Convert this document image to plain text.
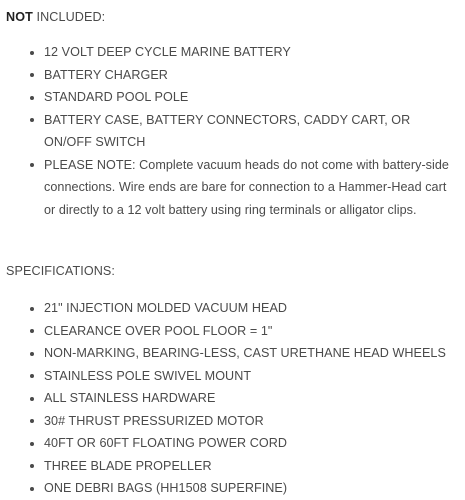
NOT INCLUDED:
12 VOLT DEEP CYCLE MARINE BATTERY
BATTERY CHARGER
STANDARD POOL POLE
BATTERY CASE, BATTERY CONNECTORS, CADDY CART, OR ON/OFF SWITCH
PLEASE NOTE: Complete vacuum heads do not come with battery-side connections. Wire ends are bare for connection to a Hammer-Head cart or directly to a 12 volt battery using ring terminals or alligator clips.
SPECIFICATIONS:
21" INJECTION MOLDED VACUUM HEAD
CLEARANCE OVER POOL FLOOR = 1"
NON-MARKING, BEARING-LESS, CAST URETHANE HEAD WHEELS
STAINLESS POLE SWIVEL MOUNT
ALL STAINLESS HARDWARE
30# THRUST PRESSURIZED MOTOR
40FT OR 60FT FLOATING POWER CORD
THREE BLADE PROPELLER
ONE DEBRI BAGS (HH1508 SUPERFINE)
